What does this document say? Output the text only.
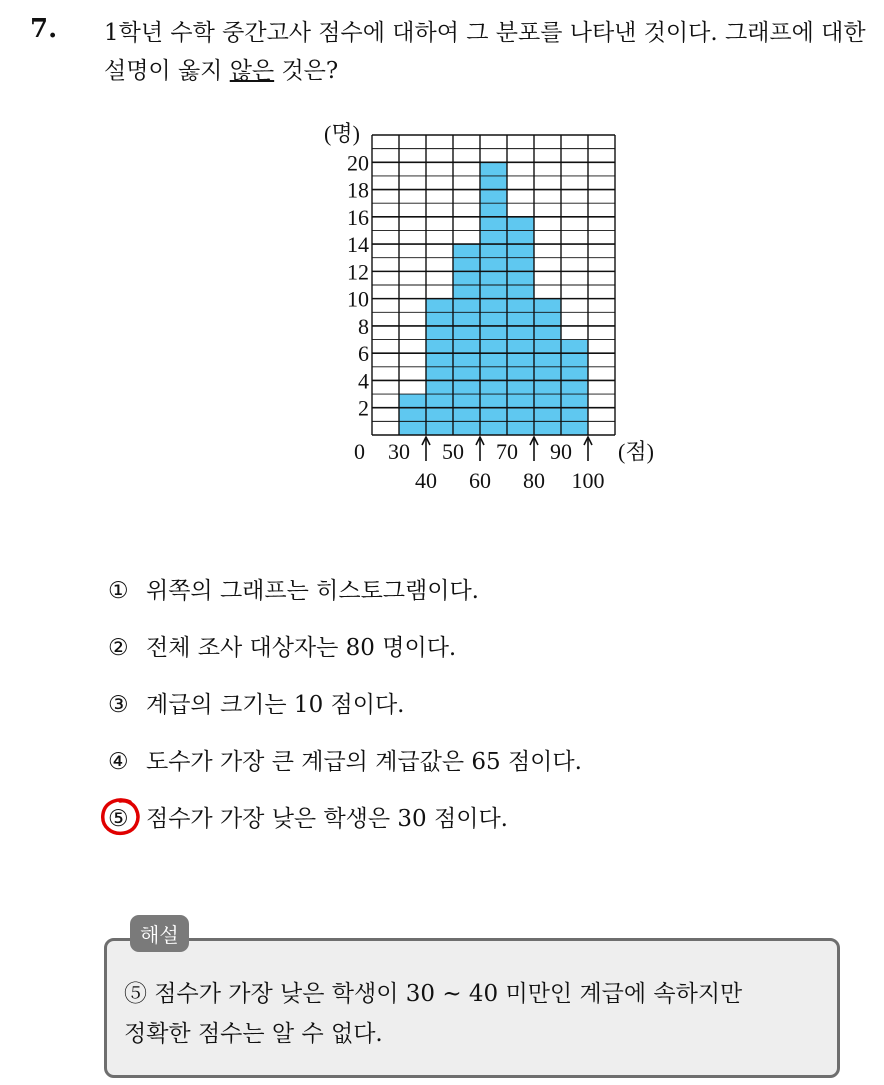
7. 1학년 수학 중간고사 점수에 대하여 그 분포를 나타낸 것이다. 그래프에 대한 설명이 옳지 않은 것은?
2
4
6
8
10
12
14
16
18
20
0
(명)
30 50 70 90
40 60 80 100
(점)
① 위쪽의 그래프는 히스토그램이다.
② 전체 조사 대상자는 80 명이다.
③ 계급의 크기는 10 점이다.
④ 도수가 가장 큰 계급의 계급값은 65 점이다.
⑤ 점수가 가장 낮은 학생은 30 점이다.
해설
⑤ 점수가 가장 낮은 학생이 30 ~ 40 미만인 계급에 속하지만
정확한 점수는 알 수 없다.
